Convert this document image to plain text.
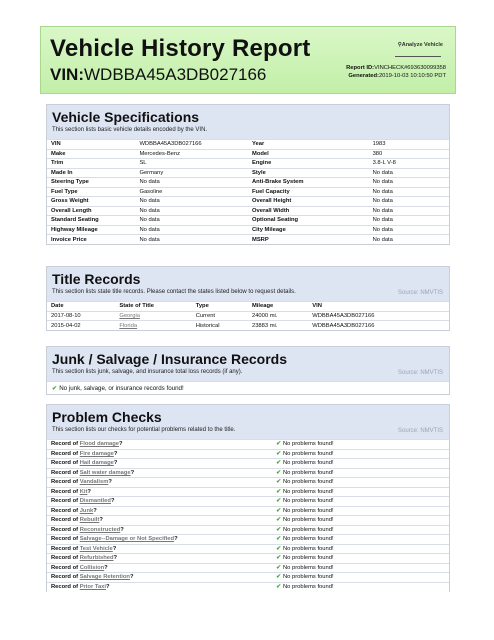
Vehicle History Report
VIN:WDBBA45A3DB027166
⚲Analyze Vehicle
Report ID:VINCHECK#693630099358
Generated:2019-10-03 10:10:50 PDT
Vehicle Specifications
This section lists basic vehicle details encoded by the VIN.
VIN	WDBBA45A3DB027166	Year	1983
Make	Mercedes-Benz	Model	380
Trim	SL	Engine	3.8-L V-8
Made In	Germany	Style	No data
Steering Type	No data	Anti-Brake System	No data
Fuel Type	Gasoline	Fuel Capacity	No data
Gross Weight	No data	Overall Height	No data
Overall Length	No data	Overall Width	No data
Standard Seating	No data	Optional Seating	No data
Highway Mileage	No data	City Mileage	No data
Invoice Price	No data	MSRP	No data
Title Records
This section lists state title records. Please contact the states listed below to request details.	Source: NMVTIS
Date	State of Title	Type	Mileage	VIN
2017-08-10	Georgia	Current	24000 mi.	WDBBA45A3DB027166
2015-04-02	Florida	Historical	23883 mi.	WDBBA45A3DB027166
Junk / Salvage / Insurance Records
This section lists junk, salvage, and insurance total loss records (if any).	Source: NMVTIS
✔ No junk, salvage, or insurance records found!
Problem Checks
This section lists our checks for potential problems related to the title.	Source: NMVTIS
Record of Flood damage?	✔ No problems found!
Record of Fire damage?	✔ No problems found!
Record of Hail damage?	✔ No problems found!
Record of Salt water damage?	✔ No problems found!
Record of Vandalism?	✔ No problems found!
Record of Kit?	✔ No problems found!
Record of Dismantled?	✔ No problems found!
Record of Junk?	✔ No problems found!
Record of Rebuilt?	✔ No problems found!
Record of Reconstructed?	✔ No problems found!
Record of Salvage--Damage or Not Specified?	✔ No problems found!
Record of Test Vehicle?	✔ No problems found!
Record of Refurbished?	✔ No problems found!
Record of Collision?	✔ No problems found!
Record of Salvage Retention?	✔ No problems found!
Record of Prior Taxi?	✔ No problems found!
